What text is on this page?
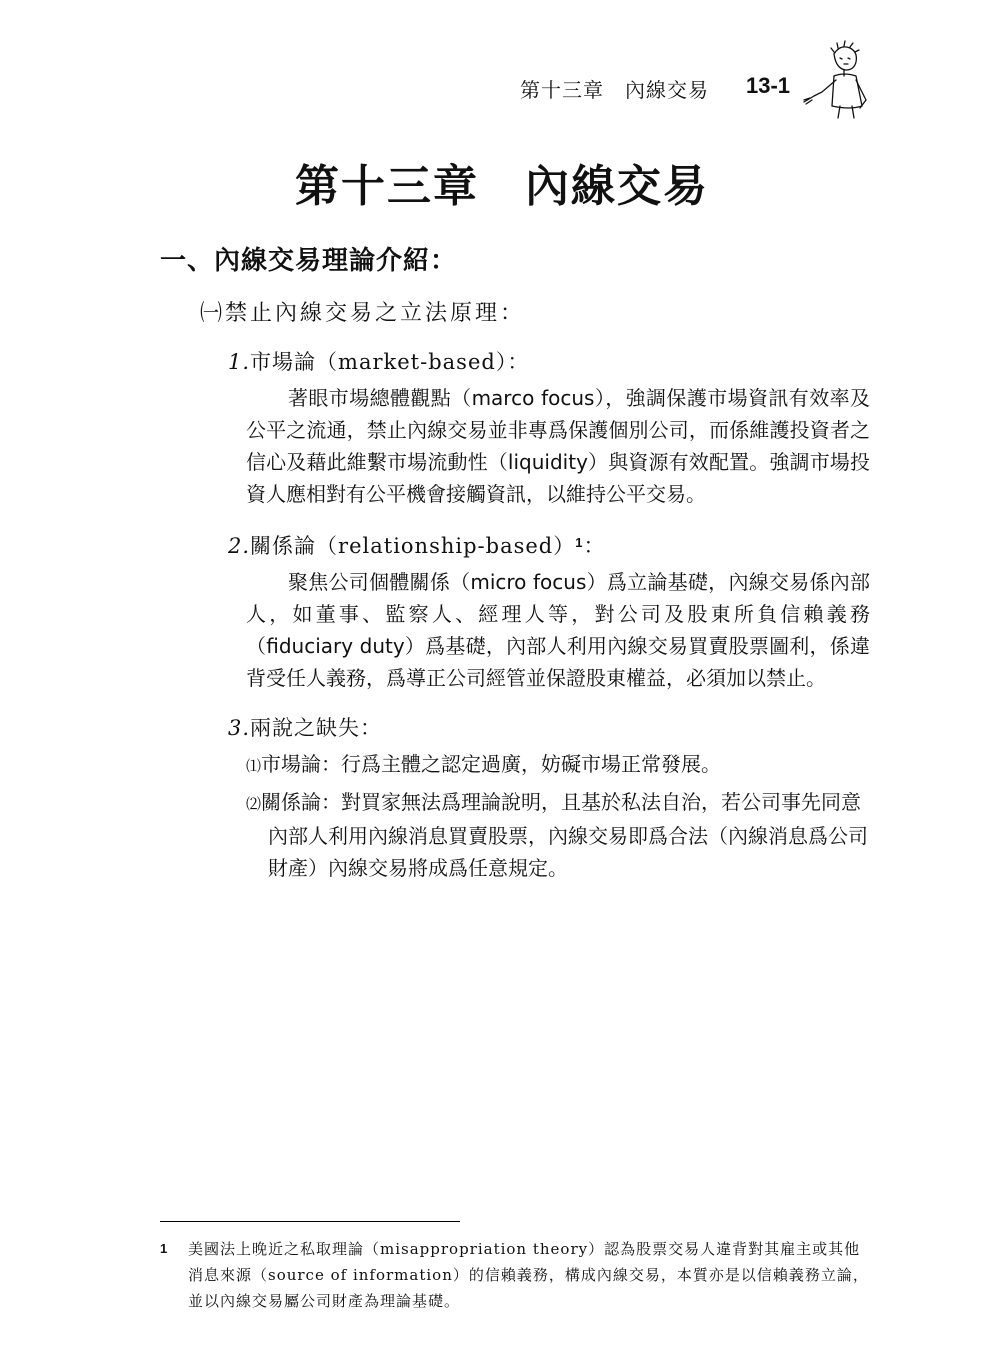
第十三章　內線交易 13-1
第十三章　內線交易
一、內線交易理論介紹：
㈠禁止內線交易之立法原理：
1.市場論（market-based）：
著眼市場總體觀點（marco focus），強調保護市場資訊有效率及公平之流通，禁止內線交易並非專爲保護個別公司，而係維護投資者之信心及藉此維繫市場流動性（liquidity）與資源有效配置。強調市場投資人應相對有公平機會接觸資訊，以維持公平交易。
2.關係論（relationship-based）$^1$：
聚焦公司個體關係（micro focus）爲立論基礎，內線交易係內部人，如董事、監察人、經理人等，對公司及股東所負信賴義務（fiduciary duty）爲基礎，內部人利用內線交易買賣股票圖利，係違背受任人義務，爲導正公司經管並保證股東權益，必須加以禁止。
3.兩說之缺失：
⑴市場論：行爲主體之認定過廣，妨礙市場正常發展。
⑵關係論：對買家無法爲理論說明，且基於私法自治，若公司事先同意內部人利用內線消息買賣股票，內線交易即爲合法（內線消息爲公司財產）內線交易將成爲任意規定。
1 美國法上晚近之私取理論（misappropriation theory）認為股票交易人違背對其雇主或其他消息來源（source of information）的信賴義務，構成內線交易，本質亦是以信賴義務立論，並以內線交易屬公司財產為理論基礎。
